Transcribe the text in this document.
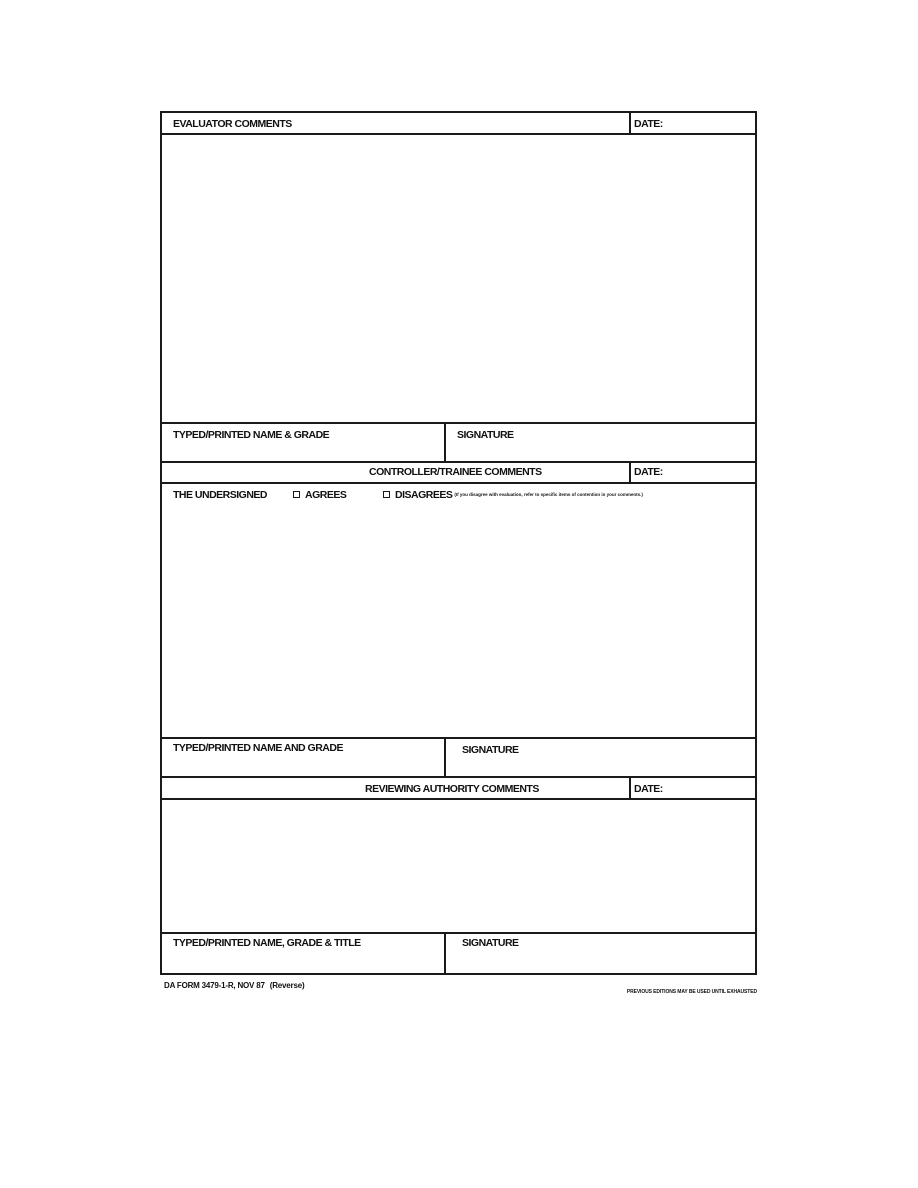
EVALUATOR COMMENTS	DATE:
TYPED/PRINTED NAME & GRADE	SIGNATURE
CONTROLLER/TRAINEE COMMENTS	DATE:
THE UNDERSIGNED	AGREES	DISAGREES (If you disagree with evaluation, refer to specific items of contention in your comments.)
TYPED/PRINTED NAME AND GRADE	SIGNATURE
REVIEWING AUTHORITY COMMENTS	DATE:
TYPED/PRINTED NAME, GRADE & TITLE	SIGNATURE
DA FORM 3479-1-R, NOV 87 (Reverse)
PREVIOUS EDITIONS MAY BE USED UNTIL EXHAUSTED
